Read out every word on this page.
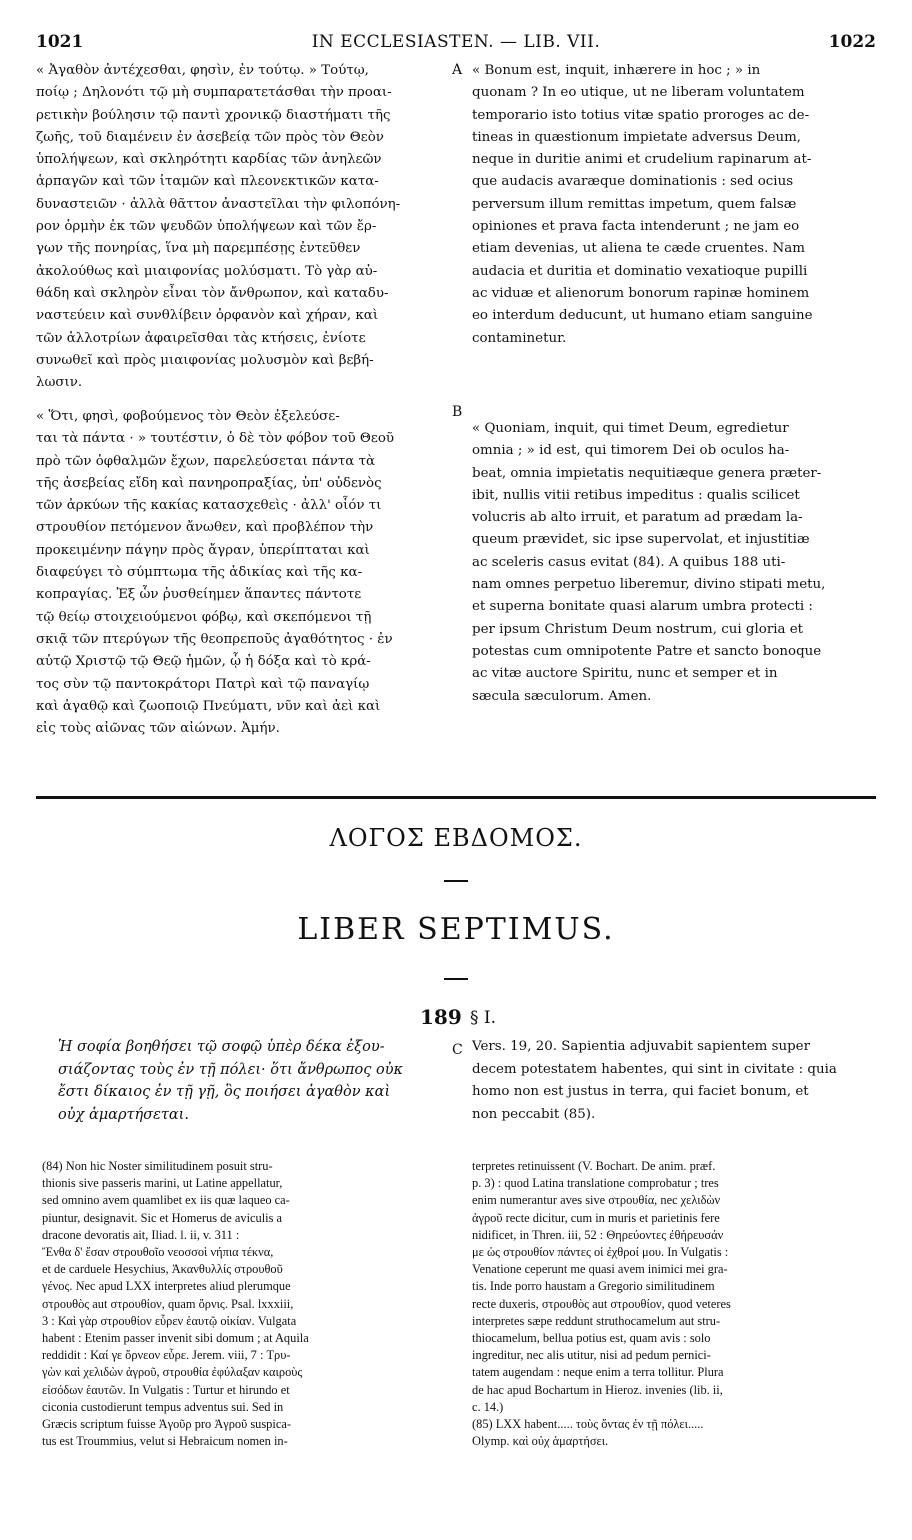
1021	IN ECCLESIASTEN. — LIB. VII.	1022

« Ἀγαθὸν ἀντέχεσθαι, φησὶν, ἐν τούτῳ. » Τούτῳ,

ποίῳ ; Δηλονότι τῷ μὴ συμπαρατετάσθαι τὴν προαι-

ρετικὴν βούλησιν τῷ παντὶ χρονικῷ διαστήματι τῆς

ζωῆς, τοῦ διαμένειν ἐν ἀσεβείᾳ τῶν πρὸς τὸν Θεὸν

ὑπολήψεων, καὶ σκληρότητι καρδίας τῶν ἀνηλεῶν

ἁρπαγῶν καὶ τῶν ἰταμῶν καὶ πλεονεκτικῶν κατα-

δυναστειῶν · ἀλλὰ θᾶττον ἀναστεῖλαι τὴν φιλοπόνη-

ρον ὁρμὴν ἐκ τῶν ψευδῶν ὑπολήψεων καὶ τῶν ἔρ-

γων τῆς πονηρίας, ἵνα μὴ παρεμπέσῃς ἐντεῦθεν

ἀκολούθως καὶ μιαιφονίας μολύσματι. Τὸ γὰρ αὐ-

θάδη καὶ σκληρὸν εἶναι τὸν ἄνθρωπον, καὶ καταδυ-

ναστεύειν καὶ συνθλίβειν ὀρφανὸν καὶ χήραν, καὶ

τῶν ἀλλοτρίων ἀφαιρεῖσθαι τὰς κτήσεις, ἐνίοτε

συνωθεῖ καὶ πρὸς μιαιφονίας μολυσμὸν καὶ βεβή-

λωσιν.

A « Bonum est, inquit, inhærere in hoc ; » in

quonam ? In eo utique, ut ne liberam voluntatem

temporario isto totius vitæ spatio proroges ac de-

tineas in quæstionum impietate adversus Deum,

neque in duritie animi et crudelium rapinarum at-

que audacis avaræque dominationis : sed ocius

perversum illum remittas impetum, quem falsæ

opiniones et prava facta intenderunt ; ne jam eo

etiam devenias, ut aliena te cæde cruentes. Nam

audacia et duritia et dominatio vexatioque pupilli

ac viduæ et alienorum bonorum rapinæ hominem

eo interdum deducunt, ut humano etiam sanguine

contaminetur.

« Ὅτι, φησὶ, φοβούμενος τὸν Θεὸν ἐξελεύσε-

ται τὰ πάντα · » τουτέστιν, ὁ δὲ τὸν φόβον τοῦ Θεοῦ

πρὸ τῶν ὀφθαλμῶν ἔχων, παρελεύσεται πάντα τὰ

τῆς ἀσεβείας εἴδη καὶ πανηροπραξίας, ὑπ' οὐδενὸς

τῶν ἀρκύων τῆς κακίας κατασχεθεὶς · ἀλλ' οἷόν τι

στρουθίον πετόμενον ἄνωθεν, καὶ προβλέπον τὴν

προκειμένην πάγην πρὸς ἄγραν, ὑπερίπταται καὶ

διαφεύγει τὸ σύμπτωμα τῆς ἀδικίας καὶ τῆς κα-

κοπραγίας. Ἐξ ὧν ῥυσθείημεν ἅπαντες πάντοτε

τῷ θείῳ στοιχειούμενοι φόβῳ, καὶ σκεπόμενοι τῇ

σκιᾷ τῶν πτερύγων τῆς θεοπρεποῦς ἀγαθότητος · ἐν

αὐτῷ Χριστῷ τῷ Θεῷ ἡμῶν, ᾧ ἡ δόξα καὶ τὸ κρά-

τος σὺν τῷ παντοκράτορι Πατρὶ καὶ τῷ παναγίῳ

καὶ ἀγαθῷ καὶ ζωοποιῷ Πνεύματι, νῦν καὶ ἀεὶ καὶ

εἰς τοὺς αἰῶνας τῶν αἰώνων. Ἀμήν.

B

« Quoniam, inquit, qui timet Deum, egredietur

omnia ; » id est, qui timorem Dei ob oculos ha-

beat, omnia impietatis nequitiæque genera præter-

ibit, nullis vitii retibus impeditus : qualis scilicet

volucris ab alto irruit, et paratum ad prædam la-

queum prævidet, sic ipse supervolat, et injustitiæ

ac sceleris casus evitat (84). A quibus 188 uti-

nam omnes perpetuo liberemur, divino stipati metu,

et superna bonitate quasi alarum umbra protecti :

per ipsum Christum Deum nostrum, cui gloria et

potestas cum omnipotente Patre et sancto bonoque

ac vitæ auctore Spiritu, nunc et semper et in

sæcula sæculorum. Amen.

ΛΟΓΟΣ ΕΒΔΟΜΟΣ.
LIBER SEPTIMUS.
189 § I.

Ἡ σοφία βοηθήσει τῷ σοφῷ ὑπὲρ δέκα ἐξου-

σιάζοντας τοὺς ἐν τῇ πόλει· ὅτι ἄνθρωπος οὐκ

ἔστι δίκαιος ἐν τῇ γῇ, ὃς ποιήσει ἀγαθὸν καὶ

οὐχ ἁμαρτήσεται.

C Vers. 19, 20. Sapientia adjuvabit sapientem super

decem potestatem habentes, qui sint in civitate : quia

homo non est justus in terra, qui faciet bonum, et

non peccabit (85).

(84) Non hic Noster similitudinem posuit stru-

thionis sive passeris marini, ut Latine appellatur,

sed omnino avem quamlibet ex iis quæ laqueo ca-

piuntur, designavit. Sic et Homerus de aviculis a

dracone devoratis ait, Iliad. l. ii, v. 311 :

Ἔνθα δ' ἔσαν στρουθοῖο νεοσσοὶ νήπια τέκνα,

et de carduele Hesychius, Ἀκανθυλλίς στρουθοῦ

γένος. Nec apud LXX interpretes aliud plerumque

στρουθὸς aut στρουθίον, quam ὄρνις. Psal. lxxxiii,

3 : Καὶ γὰρ στρουθίον εὗρεν ἑαυτῷ οἰκίαν. Vulgata

habent : Etenim passer invenit sibi domum ; at Aquila

reddidit : Καί γε ὄρνεον εὗρε. Jerem. viii, 7 : Τρυ-

γὼν καὶ χελιδὼν ἀγροῦ, στρουθία ἐφύλαξαν καιροὺς

εἰσόδων ἑαυτῶν. In Vulgatis : Turtur et hirundo et

ciconia custodierunt tempus adventus sui. Sed in

Græcis scriptum fuisse Ἀγοῦρ pro Ἀγροῦ suspica-

tus est Troummius, velut si Hebraicum nomen in-

terpretes retinuissent (V. Bochart. De anim. præf.

p. 3) : quod Latina translatione comprobatur ; tres

enim numerantur aves sive στρουθία, nec χελιδὼν

ἀγροῦ recte dicitur, cum in muris et parietinis fere

nidificet, in Thren. iii, 52 : Θηρεύοντες ἐθήρευσάν

με ὡς στρουθίον πάντες οἱ ἐχθροί μου. In Vulgatis :

Venatione ceperunt me quasi avem inimici mei gra-

tis. Inde porro haustam a Gregorio similitudinem

recte duxeris, στρουθὸς aut στρουθίον, quod veteres

interpretes sæpe reddunt struthocamelum aut stru-

thiocamelum, bellua potius est, quam avis : solo

ingreditur, nec alis utitur, nisi ad pedum pernici-

tatem augendam : neque enim a terra tollitur. Plura

de hac apud Bochartum in Hieroz. invenies (lib. ii,

c. 14.)

(85) LXX habent..... τοὺς ὄντας ἐν τῇ πόλει.....

Olymp. καὶ οὐχ ἁμαρτήσει.
